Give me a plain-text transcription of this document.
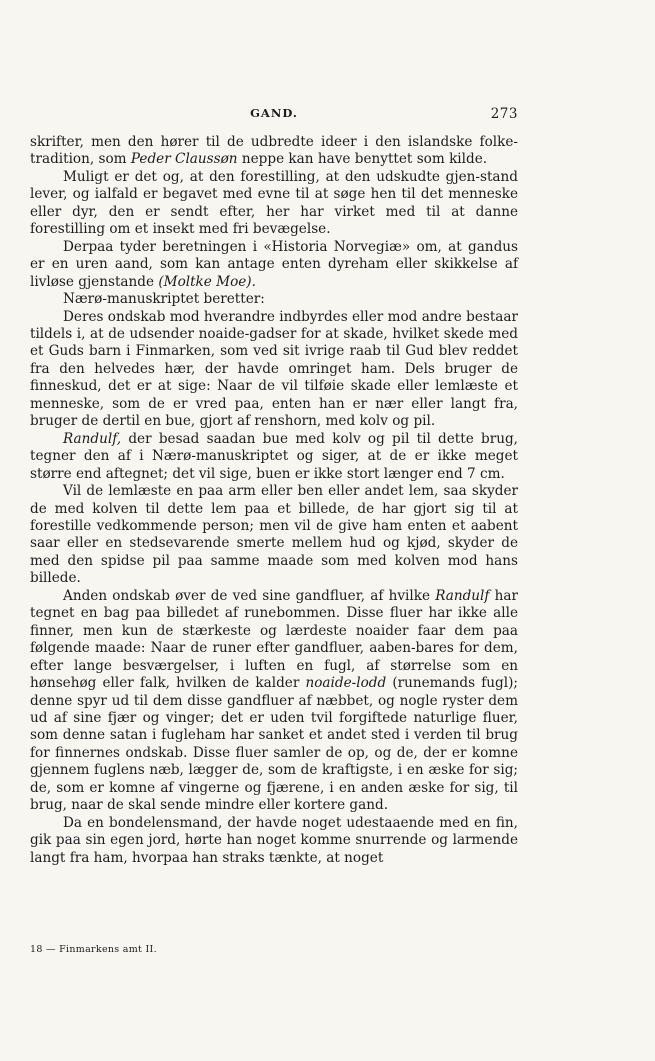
GAND.	273

skrifter, men den hører til de udbredte ideer i den islandske folke-tradition, som Peder Claussøn neppe kan have benyttet som kilde.

Muligt er det og, at den forestilling, at den udskudte gjen-stand lever, og ialfald er begavet med evne til at søge hen til det menneske eller dyr, den er sendt efter, her har virket med til at danne forestilling om et insekt med fri bevægelse.

Derpaa tyder beretningen i «Historia Norvegiæ» om, at gandus er en uren aand, som kan antage enten dyreham eller skikkelse af livløse gjenstande (Moltke Moe).

Nærø-manuskriptet beretter:

Deres ondskab mod hverandre indbyrdes eller mod andre bestaar tildels i, at de udsender noaide-gadser for at skade, hvilket skede med et Guds barn i Finmarken, som ved sit ivrige raab til Gud blev reddet fra den helvedes hær, der havde omringet ham. Dels bruger de finneskud, det er at sige: Naar de vil tilføie skade eller lemlæste et menneske, som de er vred paa, enten han er nær eller langt fra, bruger de dertil en bue, gjort af renshorn, med kolv og pil.

Randulf, der besad saadan bue med kolv og pil til dette brug, tegner den af i Nærø-manuskriptet og siger, at de er ikke meget større end aftegnet; det vil sige, buen er ikke stort længer end 7 cm.

Vil de lemlæste en paa arm eller ben eller andet lem, saa skyder de med kolven til dette lem paa et billede, de har gjort sig til at forestille vedkommende person; men vil de give ham enten et aabent saar eller en stedsevarende smerte mellem hud og kjød, skyder de med den spidse pil paa samme maade som med kolven mod hans billede.

Anden ondskab øver de ved sine gandfluer, af hvilke Randulf har tegnet en bag paa billedet af runebommen. Disse fluer har ikke alle finner, men kun de stærkeste og lærdeste noaider faar dem paa følgende maade: Naar de runer efter gandfluer, aaben-bares for dem, efter lange besværgelser, i luften en fugl, af størrelse som en hønsehøg eller falk, hvilken de kalder noaide-lodd (runemands fugl); denne spyr ud til dem disse gandfluer af næbbet, og nogle ryster dem ud af sine fjær og vinger; det er uden tvil forgiftede naturlige fluer, som denne satan i fugleham har sanket et andet sted i verden til brug for finnernes ondskab. Disse fluer samler de op, og de, der er komne gjennem fuglens næb, lægger de, som de kraftigste, i en æske for sig; de, som er komne af vingerne og fjærene, i en anden æske for sig, til brug, naar de skal sende mindre eller kortere gand.

Da en bondelensmand, der havde noget udestaaende med en fin, gik paa sin egen jord, hørte han noget komme snurrende og larmende langt fra ham, hvorpaa han straks tænkte, at noget

18 — Finmarkens amt II.
